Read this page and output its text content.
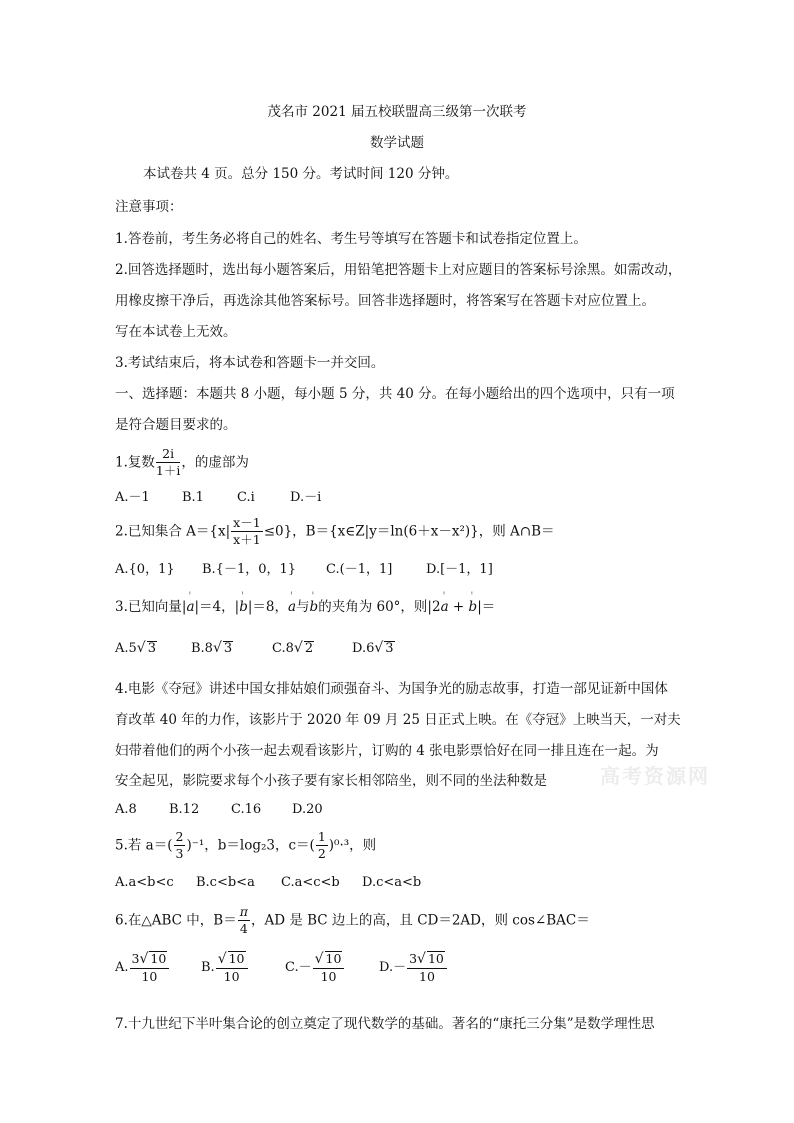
茂名市 2021 届五校联盟高三级第一次联考
数学试题
本试卷共 4 页。总分 150 分。考试时间 120 分钟。
注意事项：
1.答卷前，考生务必将自己的姓名、考生号等填写在答题卡和试卷指定位置上。
2.回答选择题时，选出每小题答案后，用铅笔把答题卡上对应题目的答案标号涂黑。如需改动，
用橡皮擦干净后，再选涂其他答案标号。回答非选择题时，将答案写在答题卡对应位置上。
写在本试卷上无效。
3.考试结束后，将本试卷和答题卡一并交回。
一、选择题：本题共 8 小题，每小题 5 分，共 40 分。在每小题给出的四个选项中，只有一项
是符合题目要求的。
1.复数 $\frac{2i}{1+i}$ ，的虚部为
A.－1 B.1	C.i	D.－i
2.已知集合 $A=\{x| \frac{x-1}{x+1} \le 0\}$，B＝{x∈Z|y＝ln(6＋x－x²)}，则 A∩B＝
A.{0，1} B.{－1，0，1} C.(－1，1]	D.[－1，1]
3.已知向量|' a|＝4，|' b|＝8，' a与' b的夹角为 60°，则|2' a + ' b|＝
A.5√ 3	B.8√ 3	C.8√ 2	D.6√ 3
4.电影《夺冠》讲述中国女排姑娘们顽强奋斗、为国争光的励志故事，打造一部见证新中国体
育改革 40 年的力作，该影片于 2020 年 09 月 25 日正式上映。在《夺冠》上映当天，一对夫
妇带着他们的两个小孩一起去观看该影片，订购的 4 张电影票恰好在同一排且连在一起。为
安全起见，影院要求每个小孩子要有家长相邻陪坐，则不同的坐法种数是
A.8 B.12 C.16 D.20
5.若 $a=( \frac{2}{3} )^{-1}$，b＝log₂3，$c=( \frac{1}{2} )^0\cdot^3$，则
A.a<b<c B.c<b<a C.a<c<b D.c<a<b
6.在△ABC 中，$B= \frac{\pi}{4}$ ，AD 是 BC 边上的高，且 CD＝2AD，则 cos∠BAC＝
A. $\frac{3√ 10}{10} B$. $\frac{√ 10}{10}$	$C.- \frac{√ 10}{10}$	$D.- \frac{3√ 10}{10}$
7.十九世纪下半叶集合论的创立奠定了现代数学的基础。著名的“康托三分集”是数学理性思
高考资源网
